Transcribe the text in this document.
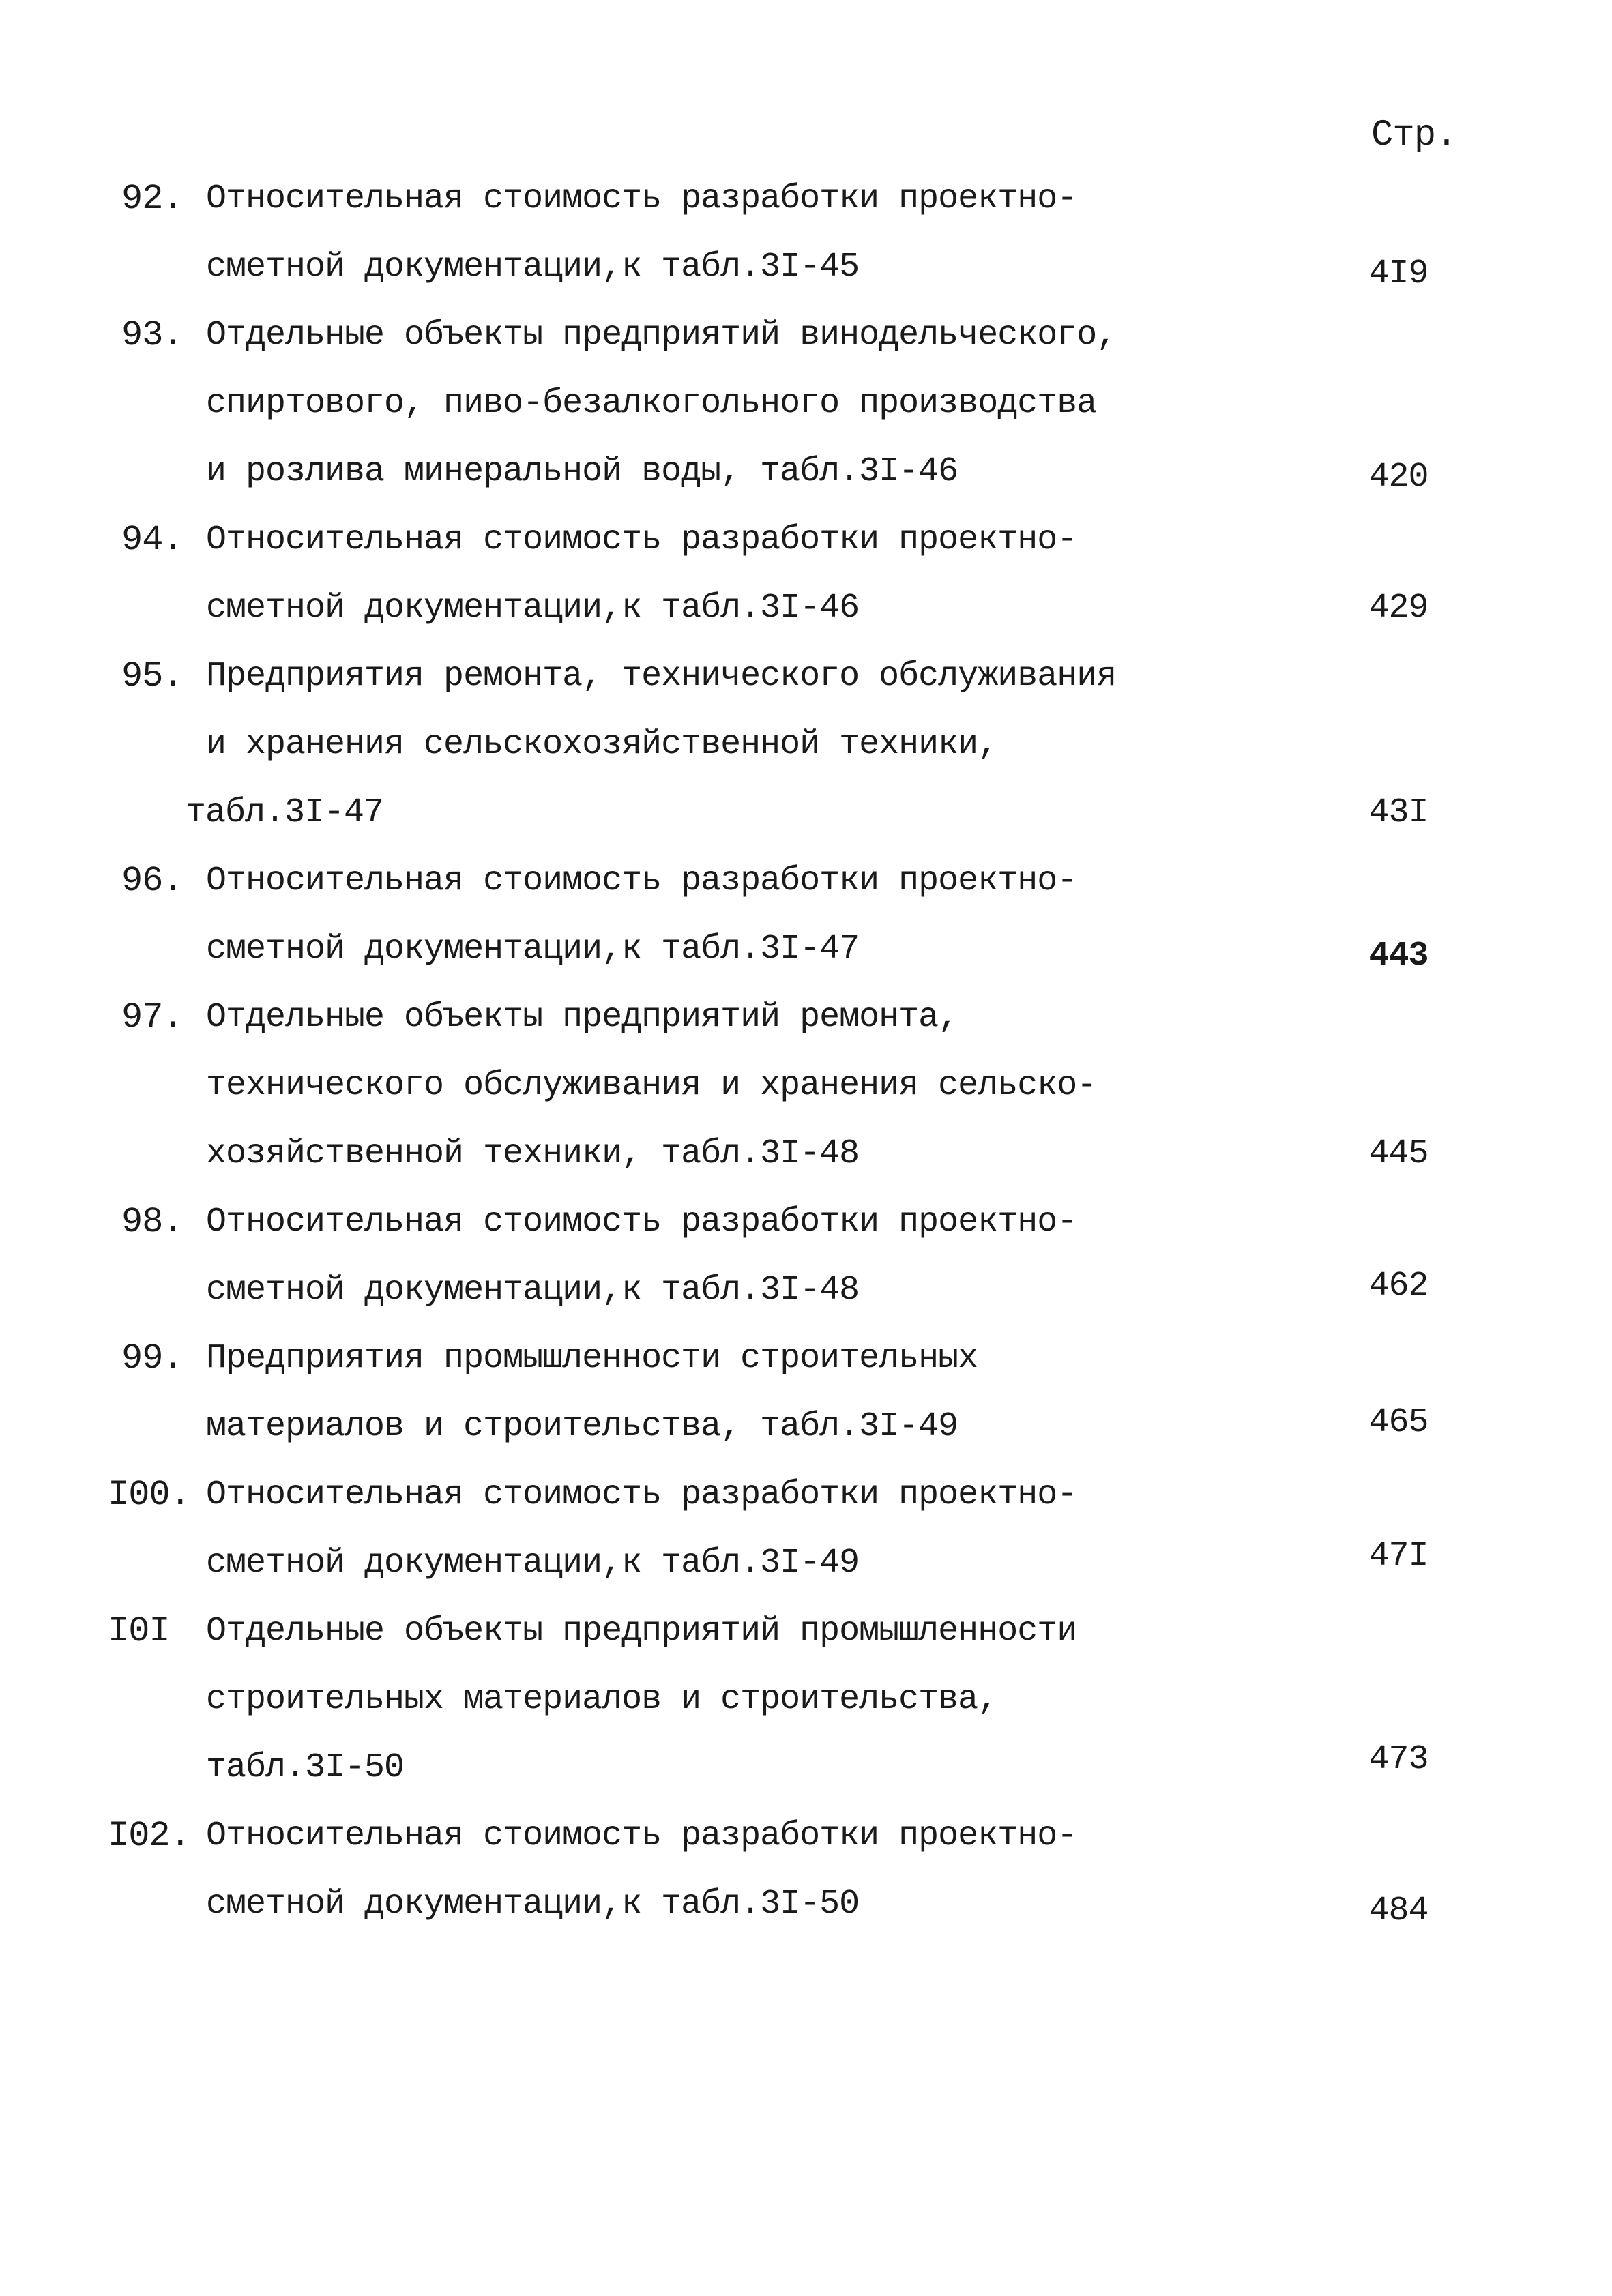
Стр.
92. Относительная стоимость разработки проектно-
сметной документации,к табл.3I-45	4I9
93. Отдельные объекты предприятий винодельческого,
спиртового, пиво-безалкогольного производства
и розлива минеральной воды, табл.3I-46	420
94. Относительная стоимость разработки проектно-
сметной документации,к табл.3I-46	429
95. Предприятия ремонта, технического обслуживания
и хранения сельскохозяйственной техники,
табл.3I-47	43I
96. Относительная стоимость разработки проектно-
сметной документации,к табл.3I-47	443
97. Отдельные объекты предприятий ремонта,
технического обслуживания и хранения сельско-
хозяйственной техники, табл.3I-48	445
98. Относительная стоимость разработки проектно-
сметной документации,к табл.3I-48	462
99. Предприятия промышленности строительных
материалов и строительства, табл.3I-49	465
I00. Относительная стоимость разработки проектно-
сметной документации,к табл.3I-49	47I
I0I	Отдельные объекты предприятий промышленности
строительных материалов и строительства,
табл.3I-50	473
I02. Относительная стоимость разработки проектно-
сметной документации,к табл.3I-50	484
